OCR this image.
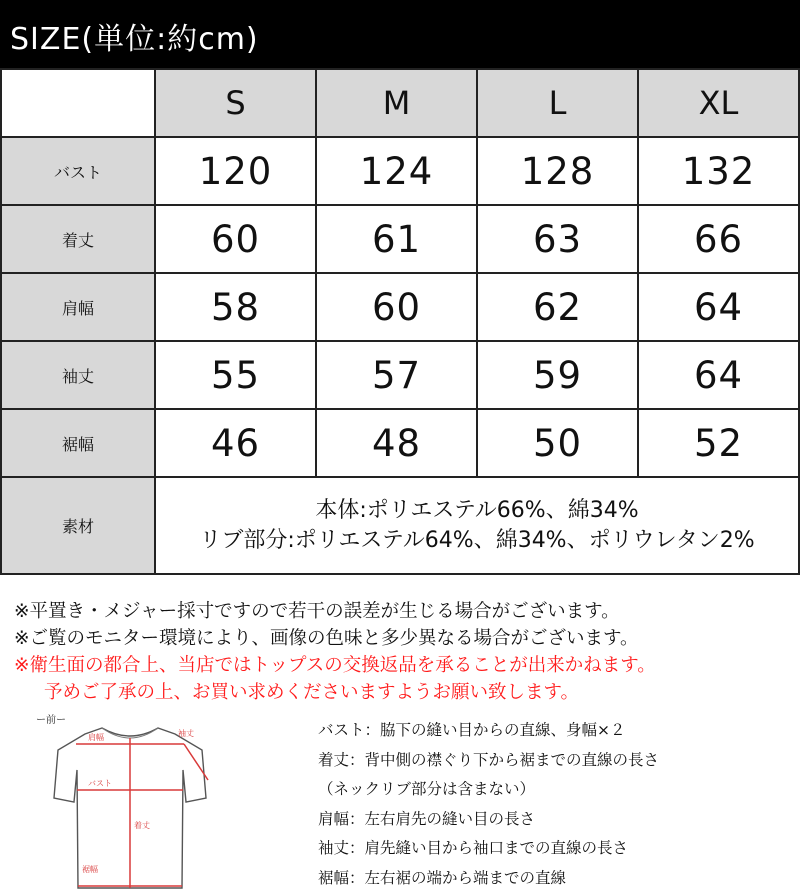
SIZE(単位:約cm)
	S	M	L	XL
バスト	120	124	128	132
着丈	60	61	63	66
肩幅	58	60	62	64
袖丈	55	57	59	64
裾幅	46	48	50	52
素材	本体:ポリエステル66%、綿34%
リブ部分:ポリエステル64%、綿34%、ポリウレタン2%			
※平置き・メジャー採寸ですので若干の誤差が生じる場合がございます。
※ご覧のモニター環境により、画像の色味と多少異なる場合がございます。
※衛生面の都合上、当店ではトップスの交換返品を承ることが出来かねます。
予めご了承の上、お買い求めくださいますようお願い致します。
ー前ー
肩幅	袖丈
バスト
着丈
裾幅
バスト：脇下の縫い目からの直線、身幅×２
着丈：背中側の襟ぐり下から裾までの直線の長さ
（ネックリブ部分は含まない）
肩幅：左右肩先の縫い目の長さ
袖丈：肩先縫い目から袖口までの直線の長さ
裾幅：左右裾の端から端までの直線
